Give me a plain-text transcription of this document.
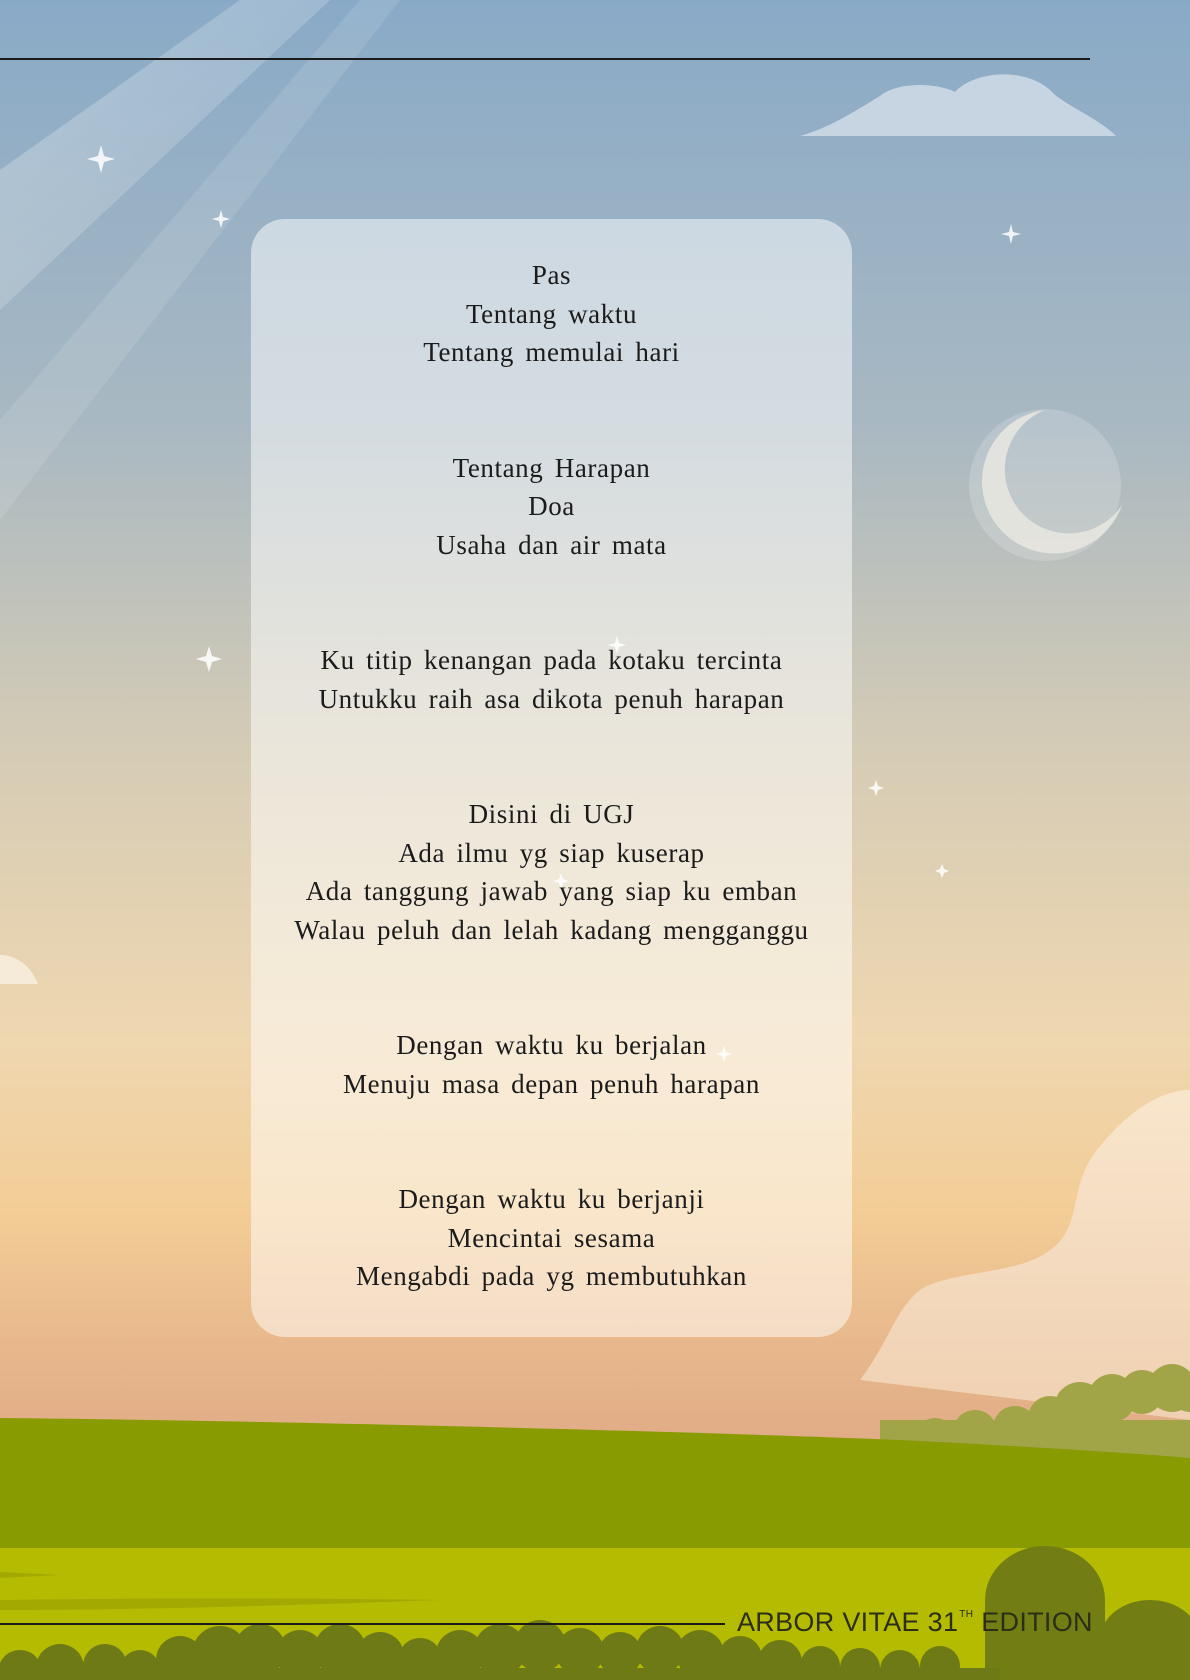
Pas
Tentang waktu
Tentang memulai hari
Tentang Harapan
Doa
Usaha dan air mata
Ku titip kenangan pada kotaku tercinta
Untukku raih asa dikota penuh harapan
Disini di UGJ
Ada ilmu yg siap kuserap
Ada tanggung jawab yang siap ku emban
Walau peluh dan lelah kadang mengganggu
Dengan waktu ku berjalan
Menuju masa depan penuh harapan
Dengan waktu ku berjanji
Mencintai sesama
Mengabdi pada yg membutuhkan
ARBOR VITAE 31TH EDITION
